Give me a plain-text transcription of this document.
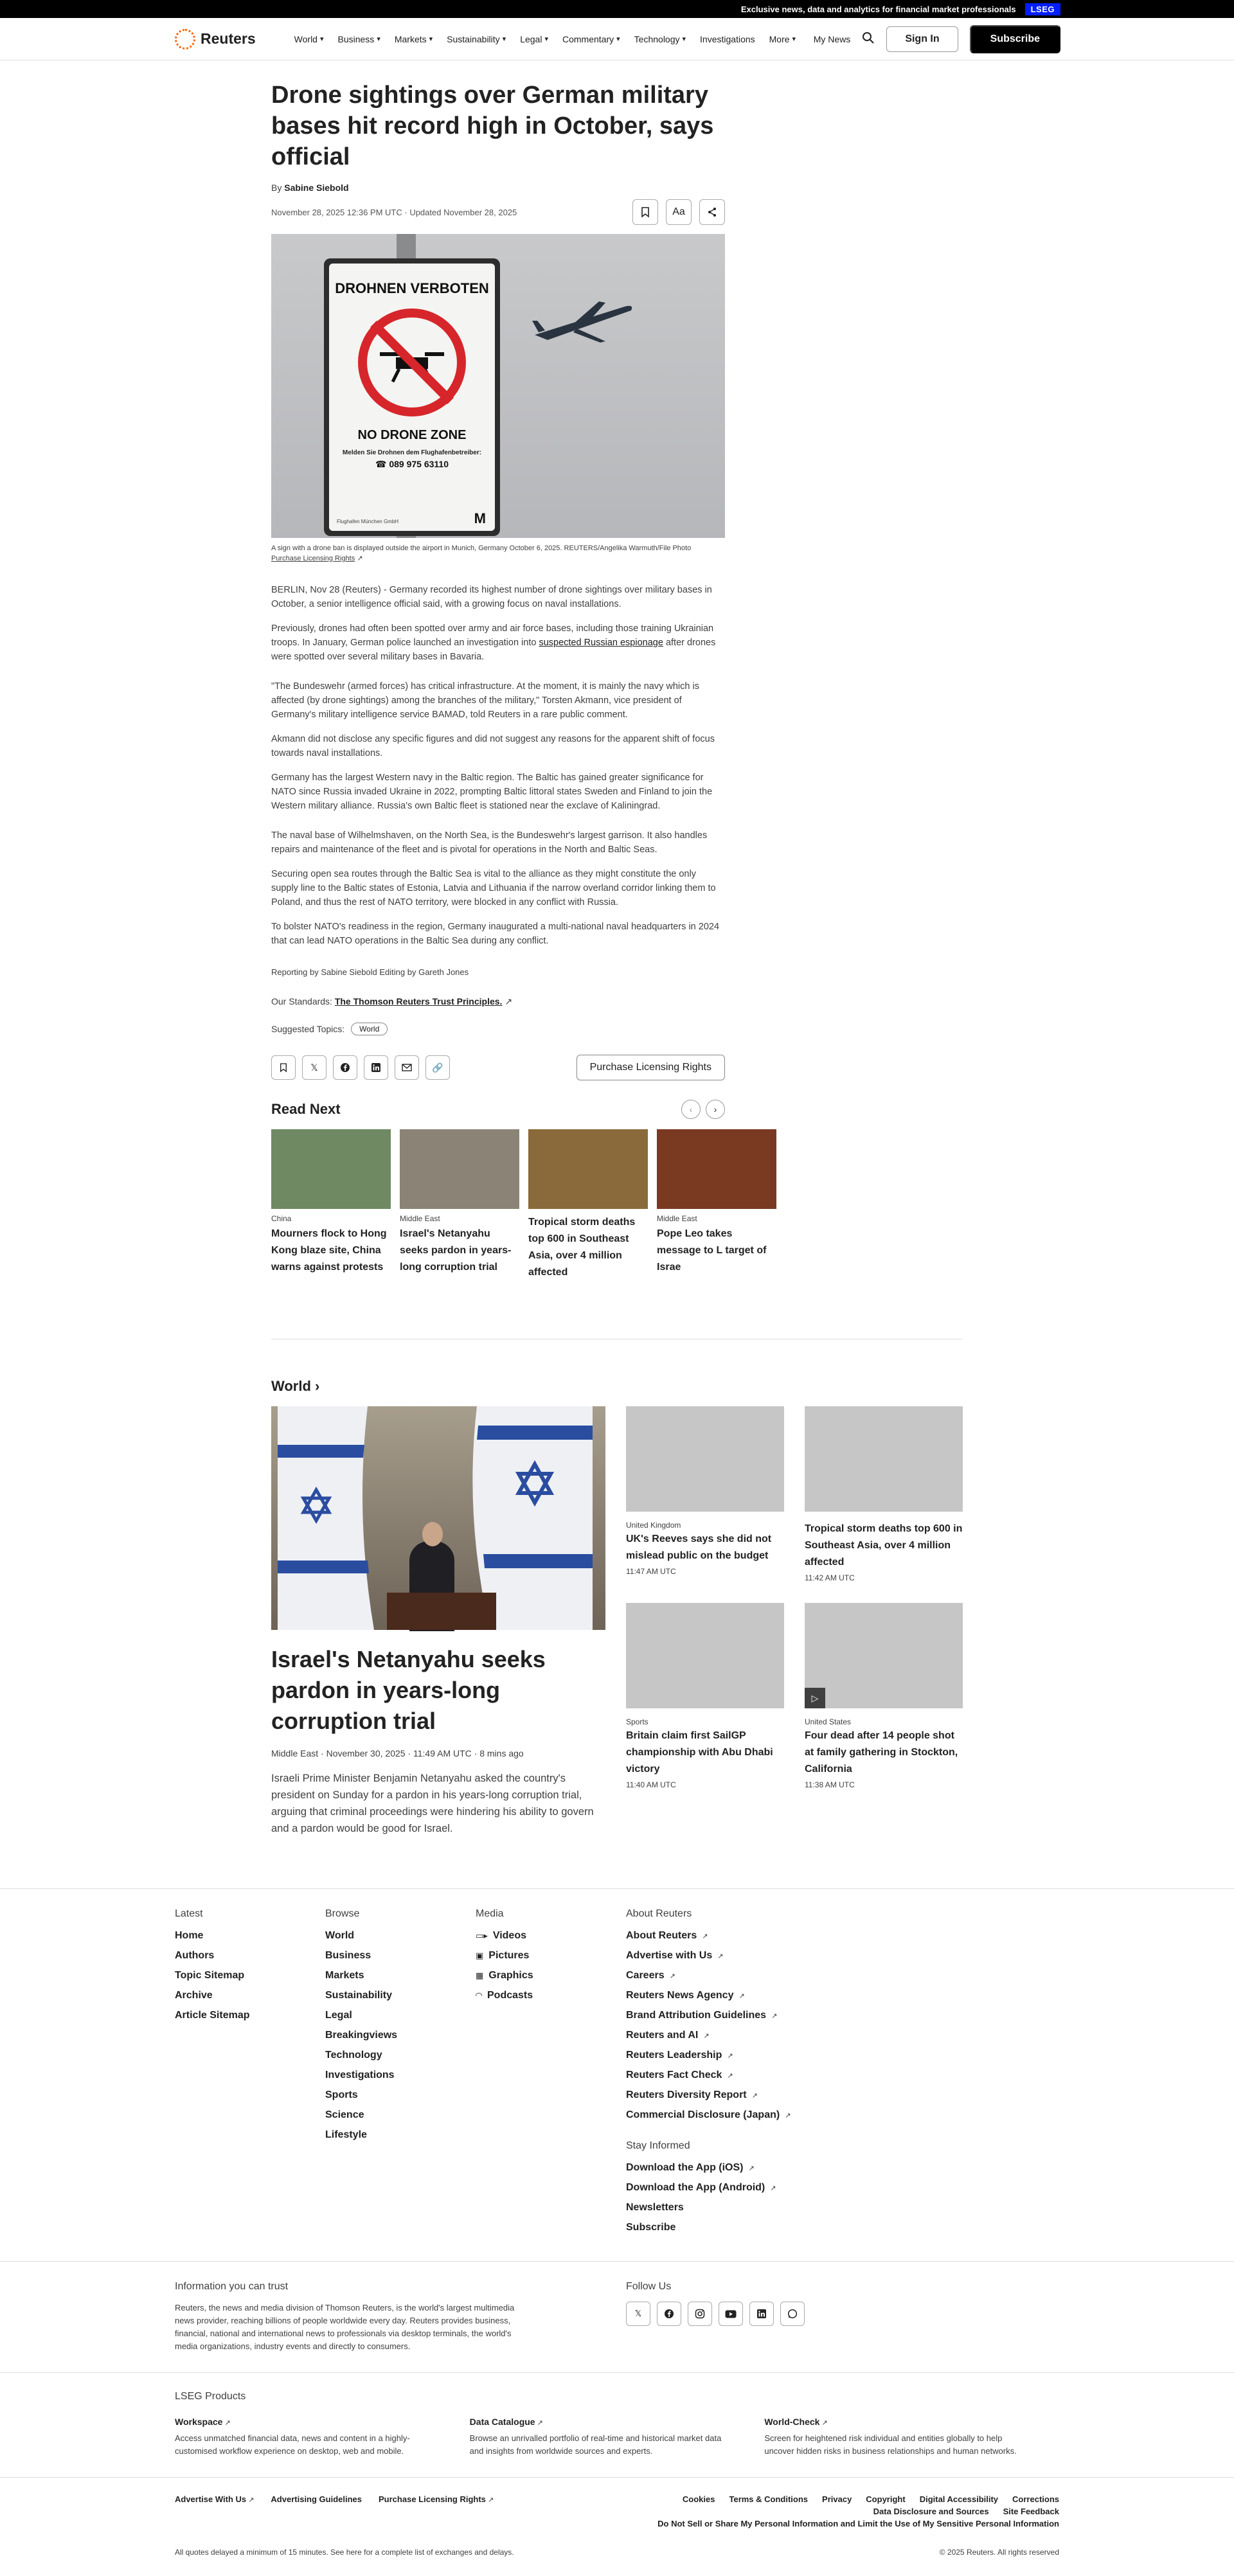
Exclusive news, data and analytics for financial market professionals	LSEG
Reuters	World ▾ Business ▾ Markets ▾ Sustainability ▾ Legal ▾ Commentary ▾ Technology ▾ Investigations More ▾ My News	Sign In	Subscribe
Drone sightings over German military bases hit record high in October, says official
By Sabine Siebold
November 28, 2025 12:36 PM UTC · Updated November 28, 2025	Aa
DROHNEN VERBOTEN
NO DRONE ZONE
Melden Sie Drohnen dem Flughafenbetreiber:
☎ 089 975 63110
Flughafen München GmbH	M
A sign with a drone ban is displayed outside the airport in Munich, Germany October 6, 2025. REUTERS/Angelika Warmuth/File Photo
Purchase Licensing Rights ↗

BERLIN, Nov 28 (Reuters) - Germany recorded its highest number of drone sightings over military bases in October, a senior intelligence official said, with a growing focus on naval installations.

Previously, drones had often been spotted over army and air force bases, including those training Ukrainian troops. In January, German police launched an investigation into suspected Russian espionage after drones were spotted over several military bases in Bavaria.

"The Bundeswehr (armed forces) has critical infrastructure. At the moment, it is mainly the navy which is affected (by drone sightings) among the branches of the military," Torsten Akmann, vice president of Germany's military intelligence service BAMAD, told Reuters in a rare public comment.

Akmann did not disclose any specific figures and did not suggest any reasons for the apparent shift of focus towards naval installations.

Germany has the largest Western navy in the Baltic region. The Baltic has gained greater significance for NATO since Russia invaded Ukraine in 2022, prompting Baltic littoral states Sweden and Finland to join the Western military alliance. Russia's own Baltic fleet is stationed near the exclave of Kaliningrad.

The naval base of Wilhelmshaven, on the North Sea, is the Bundeswehr's largest garrison. It also handles repairs and maintenance of the fleet and is pivotal for operations in the North and Baltic Seas.

Securing open sea routes through the Baltic Sea is vital to the alliance as they might constitute the only supply line to the Baltic states of Estonia, Latvia and Lithuania if the narrow overland corridor linking them to Poland, and thus the rest of NATO territory, were blocked in any conflict with Russia.

To bolster NATO's readiness in the region, Germany inaugurated a multi-national naval headquarters in 2024 that can lead NATO operations in the Baltic Sea during any conflict.

Reporting by Sabine Siebold Editing by Gareth Jones
Our Standards: The Thomson Reuters Trust Principles. ↗
Suggested Topics:	World
𝕏	🔗	Purchase Licensing Rights
Read Next	‹	›
China
Mourners flock to Hong Kong blaze site, China warns against protests
Middle East
Israel's Netanyahu seeks pardon in years-long corruption trial
Tropical storm deaths top 600 in Southeast Asia, over 4 million affected
Middle East
Pope Leo takes message to L target of Israe
World ›
Israel's Netanyahu seeks pardon in years-long corruption trial
Middle East · November 30, 2025 · 11:49 AM UTC · 8 mins ago
Israeli Prime Minister Benjamin Netanyahu asked the country's president on Sunday for a pardon in his years-long corruption trial, arguing that criminal proceedings were hindering his ability to govern and a pardon would be good for Israel.
United Kingdom
UK's Reeves says she did not mislead public on the budget
11:47 AM UTC
Tropical storm deaths top 600 in Southeast Asia, over 4 million affected
11:42 AM UTC
Sports
Britain claim first SailGP championship with Abu Dhabi victory
11:40 AM UTC
▷
United States
Four dead after 14 people shot at family gathering in Stockton, California
11:38 AM UTC
Latest
Home
Authors
Topic Sitemap
Archive
Article Sitemap
Browse
World
Business
Markets
Sustainability
Legal
Breakingviews
Technology
Investigations
Sports
Science
Lifestyle
Media
▭▸ Videos
▣ Pictures
▦ Graphics
◠ Podcasts
About Reuters
About Reuters ↗
Advertise with Us ↗
Careers ↗
Reuters News Agency ↗
Brand Attribution Guidelines ↗
Reuters and AI ↗
Reuters Leadership ↗
Reuters Fact Check ↗
Reuters Diversity Report ↗
Commercial Disclosure (Japan) ↗
Stay Informed
Download the App (iOS) ↗
Download the App (Android) ↗
Newsletters
Subscribe
Information you can trust

Reuters, the news and media division of Thomson Reuters, is the world's largest multimedia news provider, reaching billions of people worldwide every day. Reuters provides business, financial, national and international news to professionals via desktop terminals, the world's media organizations, industry events and directly to consumers.

Follow Us
𝕏
LSEG Products
Workspace ↗
Access unmatched financial data, news and content in a highly-customised workflow experience on desktop, web and mobile.
Data Catalogue ↗
Browse an unrivalled portfolio of real-time and historical market data and insights from worldwide sources and experts.
World-Check ↗
Screen for heightened risk individual and entities globally to help uncover hidden risks in business relationships and human networks.
Advertise With Us ↗ Advertising Guidelines Purchase Licensing Rights ↗	Cookies Terms & Conditions Privacy Copyright Digital Accessibility Corrections
Data Disclosure and Sources Site Feedback
Do Not Sell or Share My Personal Information and Limit the Use of My Sensitive Personal Information
All quotes delayed a minimum of 15 minutes. See here for a complete list of exchanges and delays.	© 2025 Reuters. All rights reserved
